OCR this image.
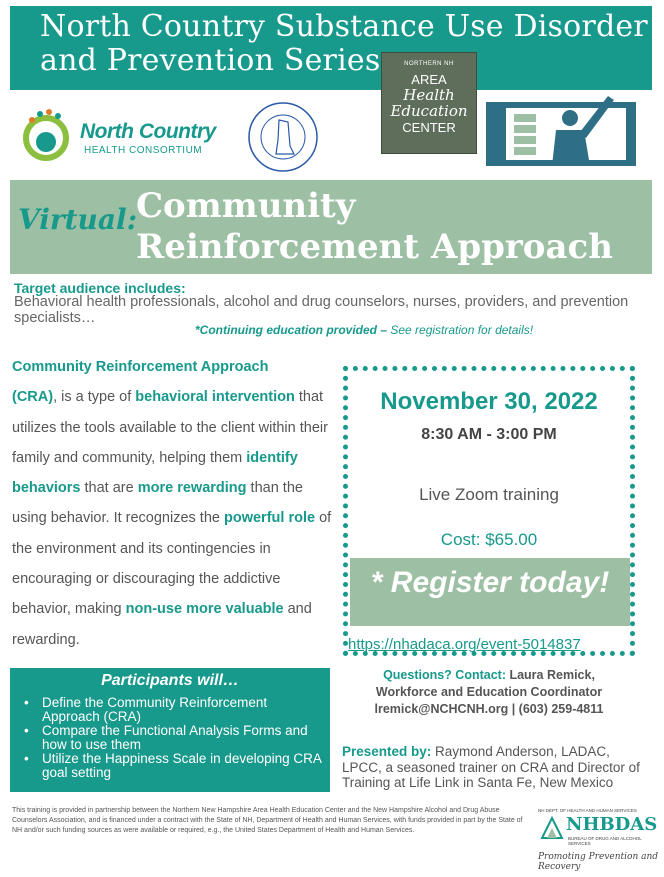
North Country Substance Use Disorder
and Prevention Series	NORTHERN NH
AREA
Health
Education
CENTER
North Country
HEALTH CONSORTIUM
Virtual:
Community
Reinforcement Approach
Target audience includes:
Behavioral health professionals, alcohol and drug counselors, nurses, providers, and prevention specialists…
*Continuing education provided – See registration for details!
Community Reinforcement Approach
(CRA), is a type of behavioral intervention that utilizes the tools available to the client within their family and community, helping them identify behaviors that are more rewarding than the using behavior. It recognizes the powerful role of the environment and its contingencies in encouraging or discouraging the addictive behavior, making non-use more valuable and rewarding.
November 30, 2022
8:30 AM - 3:00 PM
Live Zoom training
Cost: $65.00
* Register today!
https://nhadaca.org/event-5014837
Questions? Contact: Laura Remick,
Workforce and Education Coordinator
lremick@NCHCNH.org | (603) 259-4811
Participants will…
• Define the Community Reinforcement Approach (CRA)
• Compare the Functional Analysis Forms and how to use them
• Utilize the Happiness Scale in developing CRA goal setting
Presented by: Raymond Anderson, LADAC, LPCC, a seasoned trainer on CRA and Director of Training at Life Link in Santa Fe, New Mexico
This training is provided in partnership between the Northern New Hampshire Area Health Education Center and the New Hampshire Alcohol and Drug Abuse Counselors Association, and is financed under a contract with the State of NH, Department of Health and Human Services, with funds provided in part by the State of NH and/or such funding sources as were available or required, e.g., the United States Department of Health and Human Services.
NH DEPT. OF HEALTH AND HUMAN SERVICES
NHBDAS
BUREAU OF DRUG AND ALCOHOL SERVICES
Promoting Prevention and Recovery
